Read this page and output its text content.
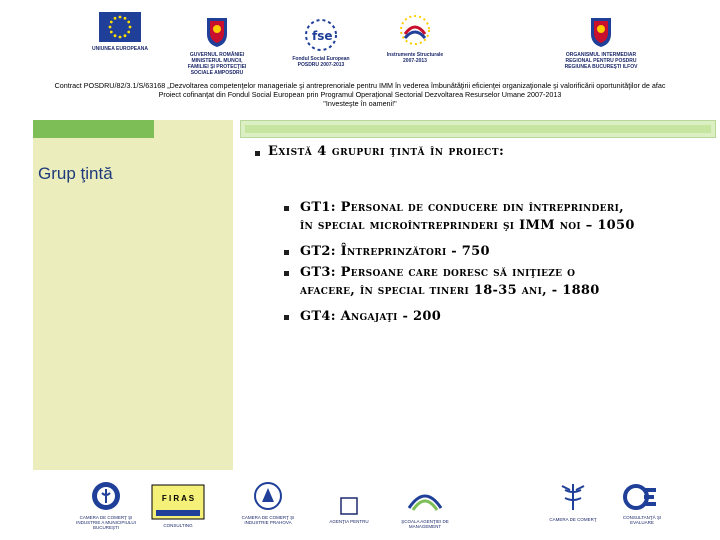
UNIUNEA EUROPEANA
GUVERNUL ROMÂNIEI MINISTERUL MUNCII, FAMILIEI ŞI PROTECŢIEI SOCIALE AMPOSDRU
fse
Fondul Social European POSDRU 2007-2013
Instrumente Structurale 2007-2013
ORGANISMUL INTERMEDIAR REGIONAL PENTRU POSDRU REGIUNEA BUCUREŞTI ILFOV
Contract POSDRU/82/3.1/S/63168 „Dezvoltarea competenţelor manageriale şi antreprenoriale pentru IMM în vederea îmbunătăţirii eficienţei organizaţionale şi valorificării oportunităţilor de afac
Proiect cofinanţat din Fondul Social European prin Programul Operaţional Sectorial Dezvoltarea Resurselor Umane 2007-2013
"Investeşte în oameni!"
Grup ţintă
Există 4 grupuri ţintă în proiect:
GT1: Personal de conducere din întreprinderi,
în special microîntreprinderi şi IMM noi – 1050
GT2: Întreprinzători - 750
GT3: Persoane care doresc să iniţieze o
afacere, în special tineri 18-35 ani, - 1880
GT4: Angajaţi - 200
CAMERA DE COMERŢ ŞI INDUSTRIE A MUNICIPIULUI BUCUREŞTI
F I R A S
CONSULTING
CAMERA DE COMERŢ ŞI INDUSTRIE PRAHOVA	AGENŢIA PENTRU	ŞCOALA AGENŢIEI DE MANAGEMENT
CAMERA DE COMERŢ	CONSULTANŢĂ ŞI EVALUARE
